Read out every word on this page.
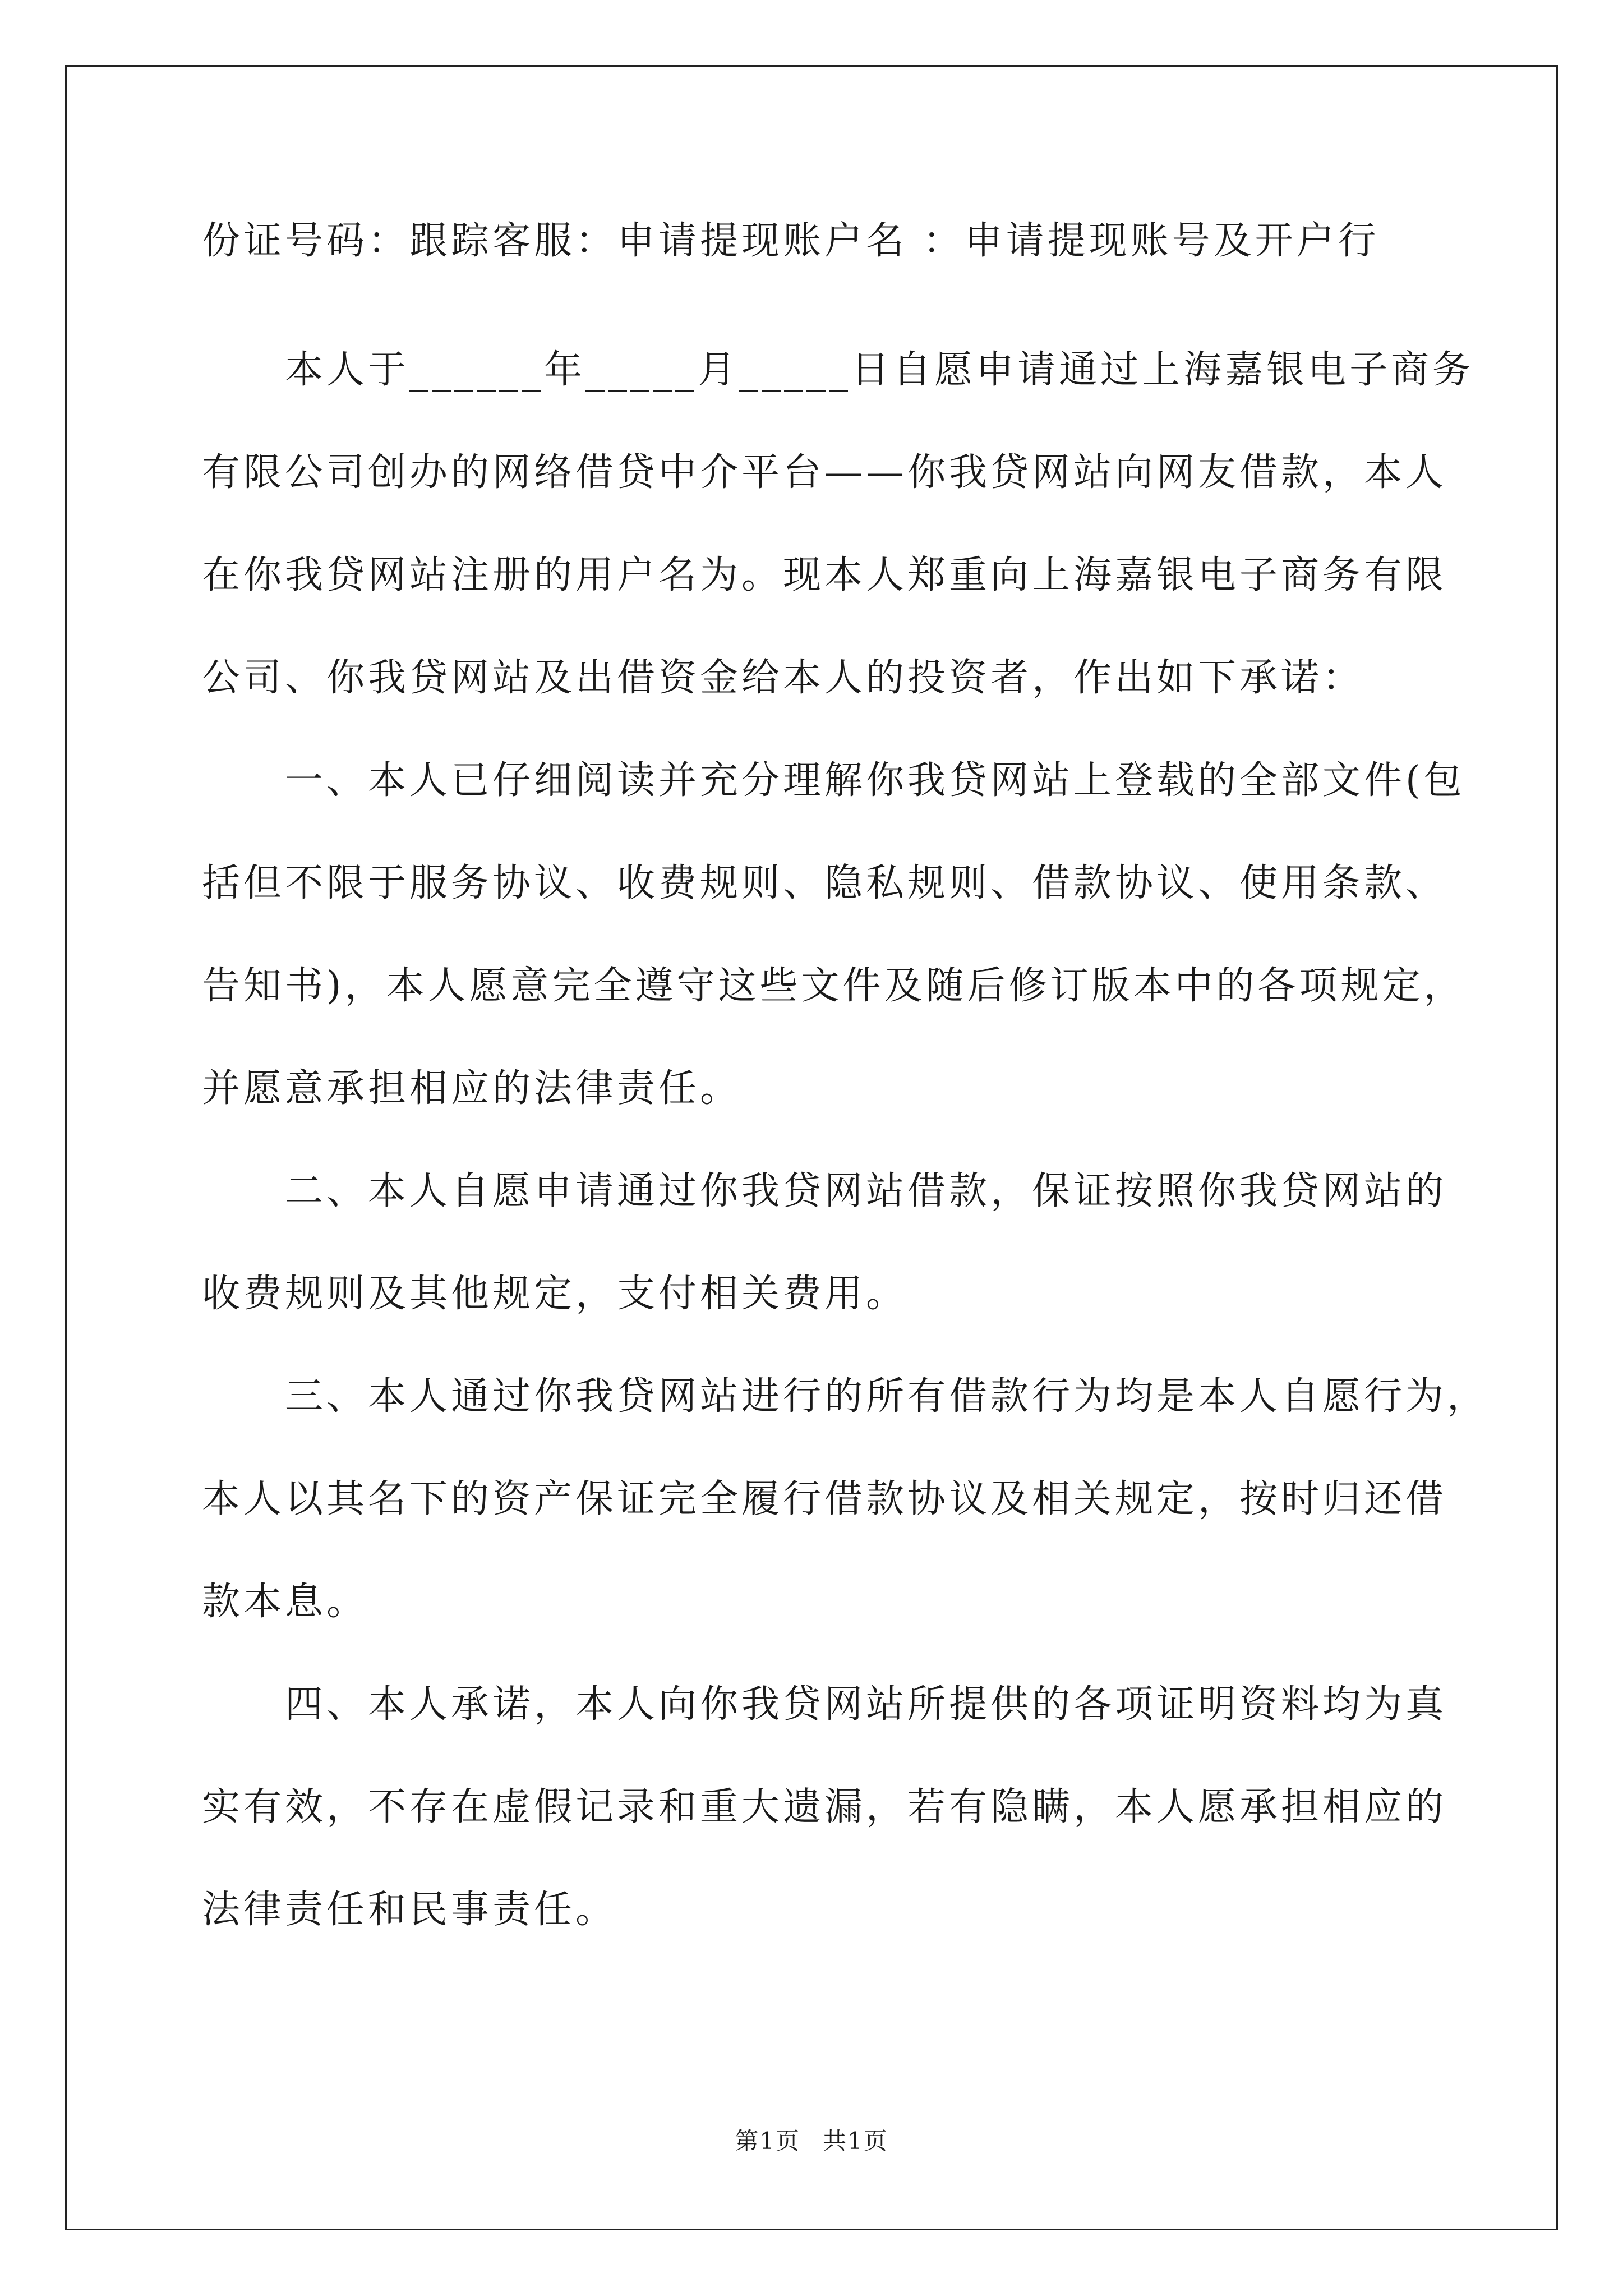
份证号码：跟踪客服：申请提现账户名 ：申请提现账号及开户行
本人于______年_____月_____日自愿申请通过上海嘉银电子商务
有限公司创办的网络借贷中介平台——你我贷网站向网友借款，本人
在你我贷网站注册的用户名为。现本人郑重向上海嘉银电子商务有限
公司、你我贷网站及出借资金给本人的投资者，作出如下承诺：
一、本人已仔细阅读并充分理解你我贷网站上登载的全部文件(包
括但不限于服务协议、收费规则、隐私规则、借款协议、使用条款、
告知书)，本人愿意完全遵守这些文件及随后修订版本中的各项规定，
并愿意承担相应的法律责任。
二、本人自愿申请通过你我贷网站借款，保证按照你我贷网站的
收费规则及其他规定，支付相关费用。
三、本人通过你我贷网站进行的所有借款行为均是本人自愿行为，
本人以其名下的资产保证完全履行借款协议及相关规定，按时归还借
款本息。
四、本人承诺，本人向你我贷网站所提供的各项证明资料均为真
实有效，不存在虚假记录和重大遗漏，若有隐瞒，本人愿承担相应的
法律责任和民事责任。
第1页 共1页
